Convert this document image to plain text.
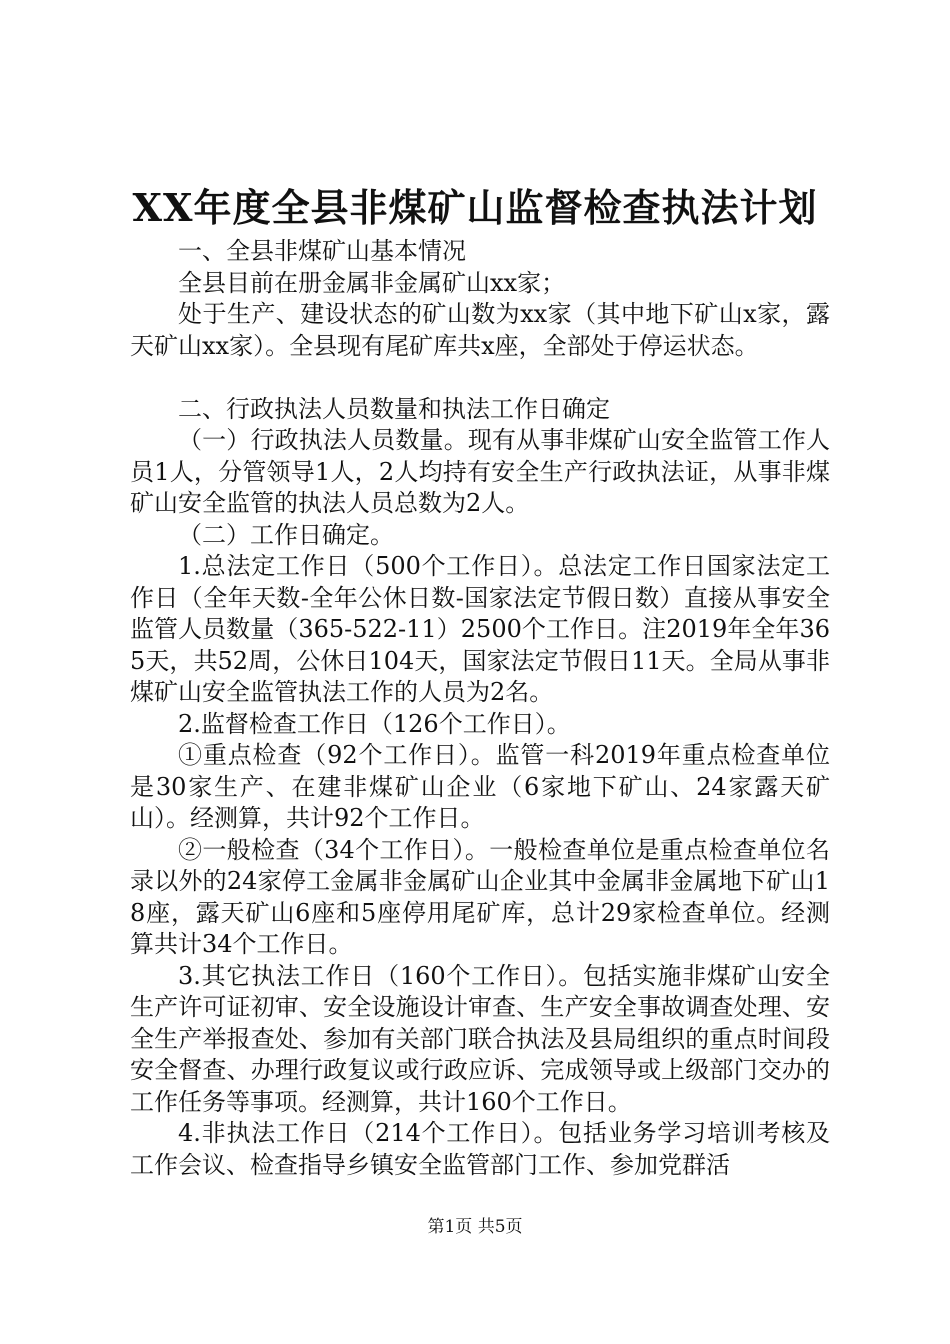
XX年度全县非煤矿山监督检查执法计划

一、全县非煤矿山基本情况

全县目前在册金属非金属矿山xx家；

处于生产、建设状态的矿山数为xx家（其中地下矿山x家，露天矿山xx家）。全县现有尾矿库共x座，全部处于停运状态。

二、行政执法人员数量和执法工作日确定

（一）行政执法人员数量。现有从事非煤矿山安全监管工作人员1人，分管领导1人，2人均持有安全生产行政执法证，从事非煤矿山安全监管的执法人员总数为2人。

（二）工作日确定。

1.总法定工作日（500个工作日）。总法定工作日国家法定工作日（全年天数-全年公休日数-国家法定节假日数）直接从事安全监管人员数量（365-522-11）2500个工作日。注2019年全年365天，共52周，公休日104天，国家法定节假日11天。全局从事非煤矿山安全监管执法工作的人员为2名。

2.监督检查工作日（126个工作日）。

①重点检查（92个工作日）。监管一科2019年重点检查单位是30家生产、在建非煤矿山企业（6家地下矿山、24家露天矿山）。经测算，共计92个工作日。

②一般检查（34个工作日）。一般检查单位是重点检查单位名录以外的24家停工金属非金属矿山企业其中金属非金属地下矿山18座，露天矿山6座和5座停用尾矿库，总计29家检查单位。经测算共计34个工作日。

3.其它执法工作日（160个工作日）。包括实施非煤矿山安全生产许可证初审、安全设施设计审查、生产安全事故调查处理、安全生产举报查处、参加有关部门联合执法及县局组织的重点时间段安全督查、办理行政复议或行政应诉、完成领导或上级部门交办的工作任务等事项。经测算，共计160个工作日。

4.非执法工作日（214个工作日）。包括业务学习培训考核及工作会议、检查指导乡镇安全监管部门工作、参加党群活

第1页 共5页
